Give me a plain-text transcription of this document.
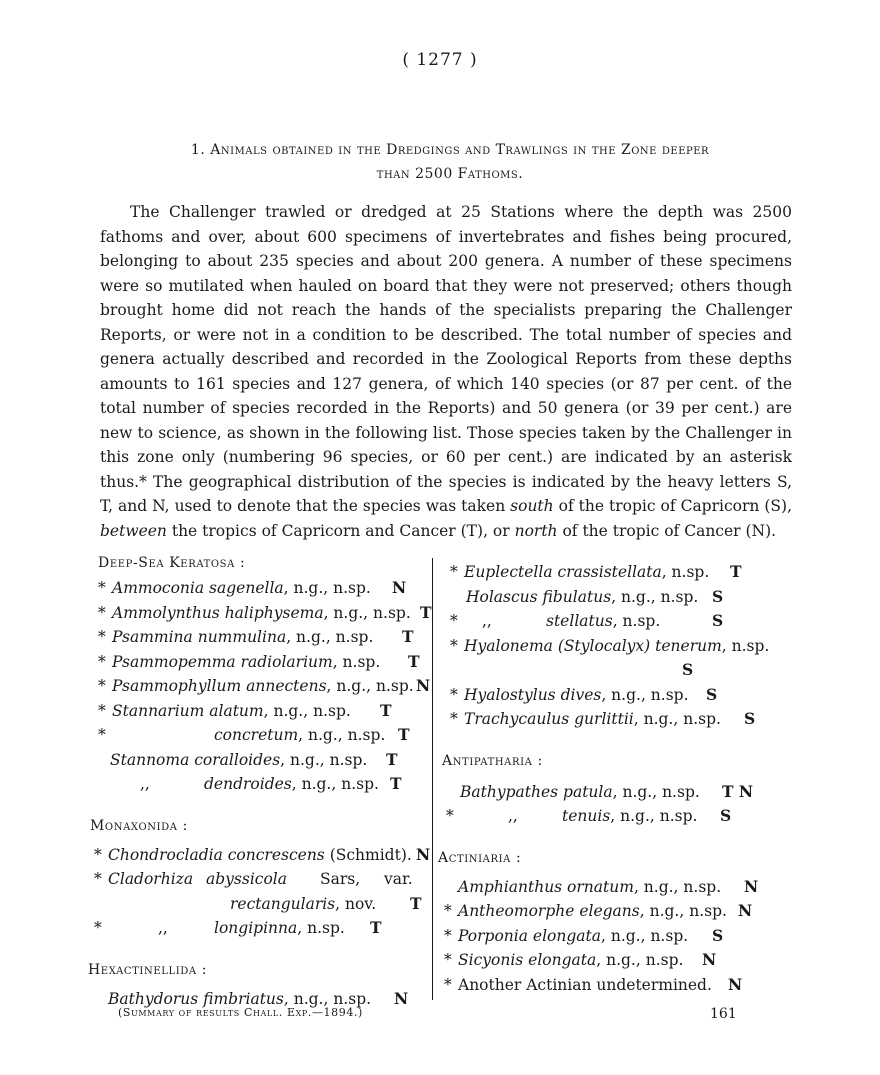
( 1277 )
1. Animals obtained in the Dredgings and Trawlings in the Zone deeper
than 2500 Fathoms.

The Challenger trawled or dredged at 25 Stations where the depth was 2500 fathoms and over, about 600 specimens of invertebrates and fishes being procured, belonging to about 235 species and about 200 genera. A number of these specimens were so mutilated when hauled on board that they were not preserved; others though brought home did not reach the hands of the specialists preparing the Challenger Reports, or were not in a condition to be described. The total number of species and genera actually described and recorded in the Zoological Reports from these depths amounts to 161 species and 127 genera, of which 140 species (or 87 per cent. of the total number of species recorded in the Reports) and 50 genera (or 39 per cent.) are new to science, as shown in the following list. Those species taken by the Challenger in this zone only (numbering 96 species, or 60 per cent.) are indicated by an asterisk thus.* The geographical distribution of the species is indicated by the heavy letters S, T, and N, used to denote that the species was taken south of the tropic of Capricorn (S), between the tropics of Capricorn and Cancer (T), or north of the tropic of Cancer (N).

Deep-Sea Keratosa :
* Ammoconia sagenella, n.g., n.sp. N
* Ammolynthus haliphysema, n.g., n.sp. T
* Psammina nummulina, n.g., n.sp. T
* Psammopemma radiolarium, n.sp. T
* Psammophyllum annectens, n.g., n.sp. N
* Stannarium alatum, n.g., n.sp. T
*	concretum, n.g., n.sp. T
Stannoma coralloides, n.g., n.sp. T
,,	dendroides, n.g., n.sp. T
Monaxonida :
* Chondrocladia concrescens (Schmidt). N
* Cladorhiza abyssicola Sars, var.
rectangularis, nov. T
*	,,	longipinna, n.sp. T
Hexactinellida :
Bathydorus fimbriatus, n.g., n.sp. N
* Euplectella crassistellata, n.sp. T
Holascus fibulatus, n.g., n.sp. S
*	,,	stellatus, n.sp.	S
* Hyalonema (Stylocalyx) tenerum, n.sp.
S
* Hyalostylus dives, n.g., n.sp. S
* Trachycaulus gurlittii, n.g., n.sp. S
Antipatharia :
Bathypathes patula, n.g., n.sp. T N
*	,,	tenuis, n.g., n.sp. S
Actiniaria :
Amphianthus ornatum, n.g., n.sp. N
* Antheomorphe elegans, n.g., n.sp. N
* Porponia elongata, n.g., n.sp. S
* Sicyonis elongata, n.g., n.sp. N
* Another Actinian undetermined. N
(Summary of results Chall. Exp.—1894.)	161
